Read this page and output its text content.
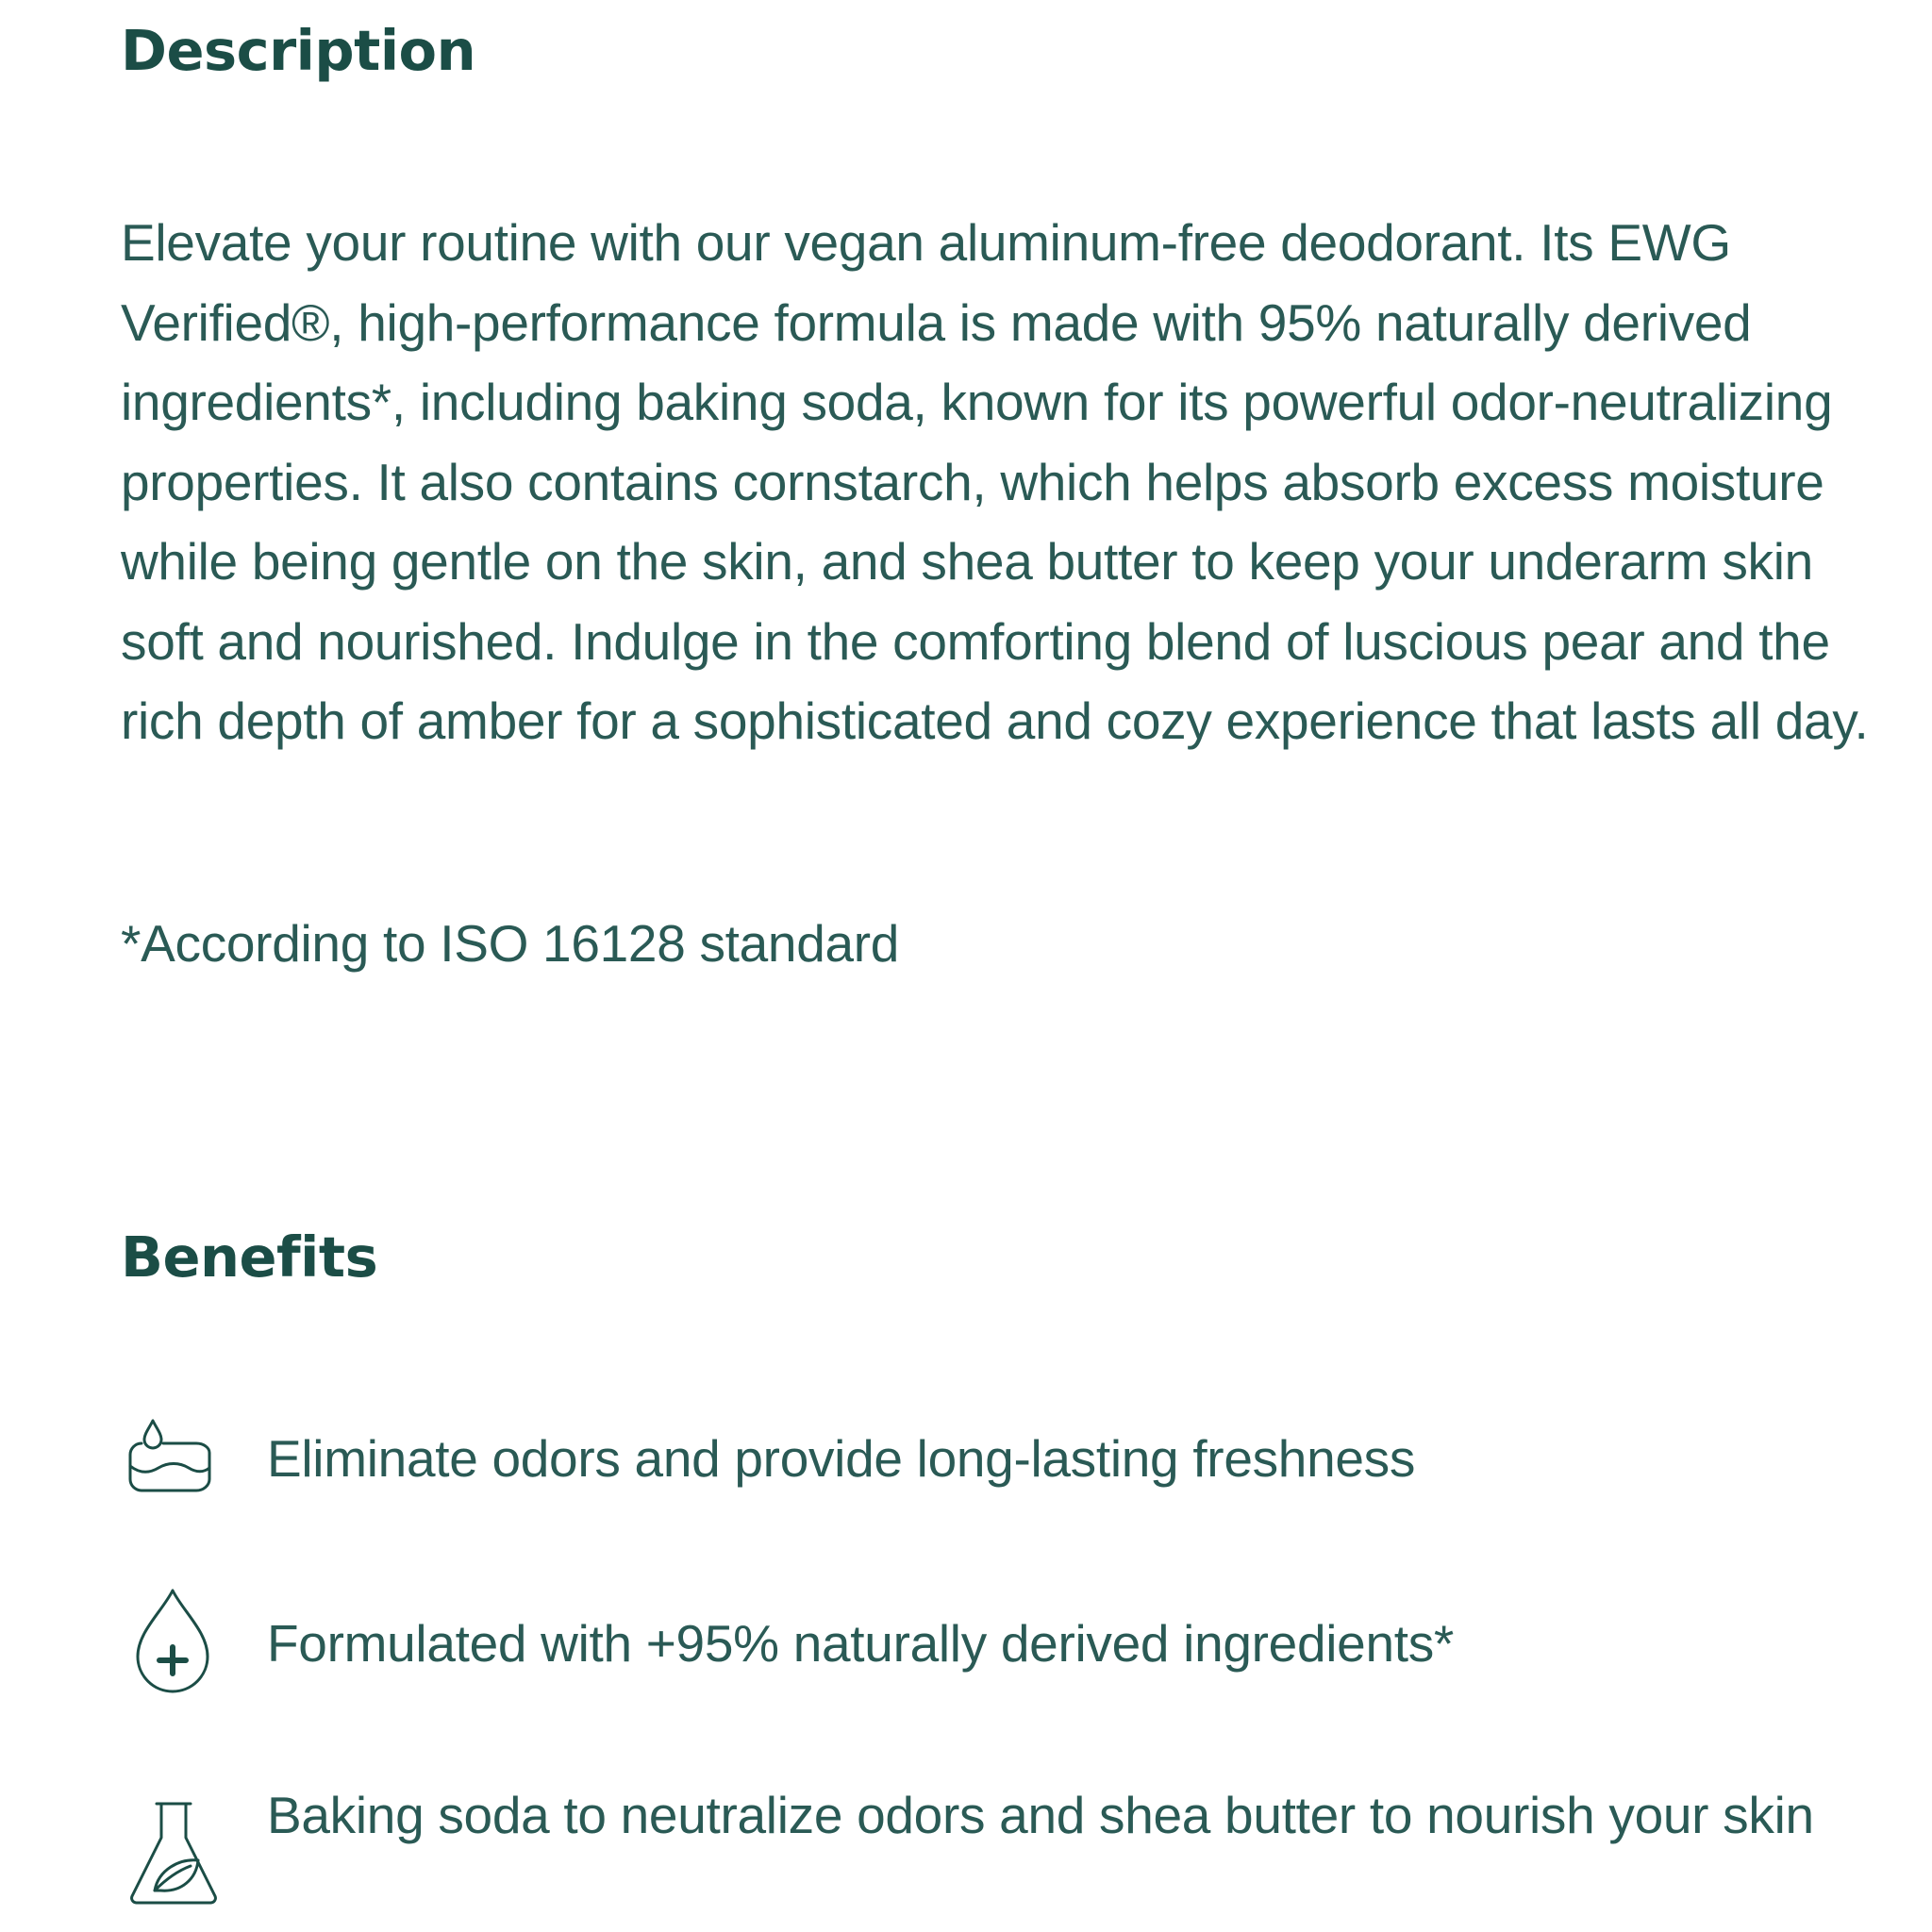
Description

Elevate your routine with our vegan aluminum-free deodorant. Its EWG Verified®, high-performance formula is made with 95% naturally derived ingredients*, including baking soda, known for its powerful odor-neutralizing properties. It also contains cornstarch, which helps absorb excess moisture while being gentle on the skin, and shea butter to keep your underarm skin soft and nourished. Indulge in the comforting blend of luscious pear and the rich depth of amber for a sophisticated and cozy experience that lasts all day.

*According to ISO 16128 standard

Benefits

Eliminate odors and provide long-lasting freshness

Formulated with +95% naturally derived ingredients*

Baking soda to neutralize odors and shea butter to nourish your skin
